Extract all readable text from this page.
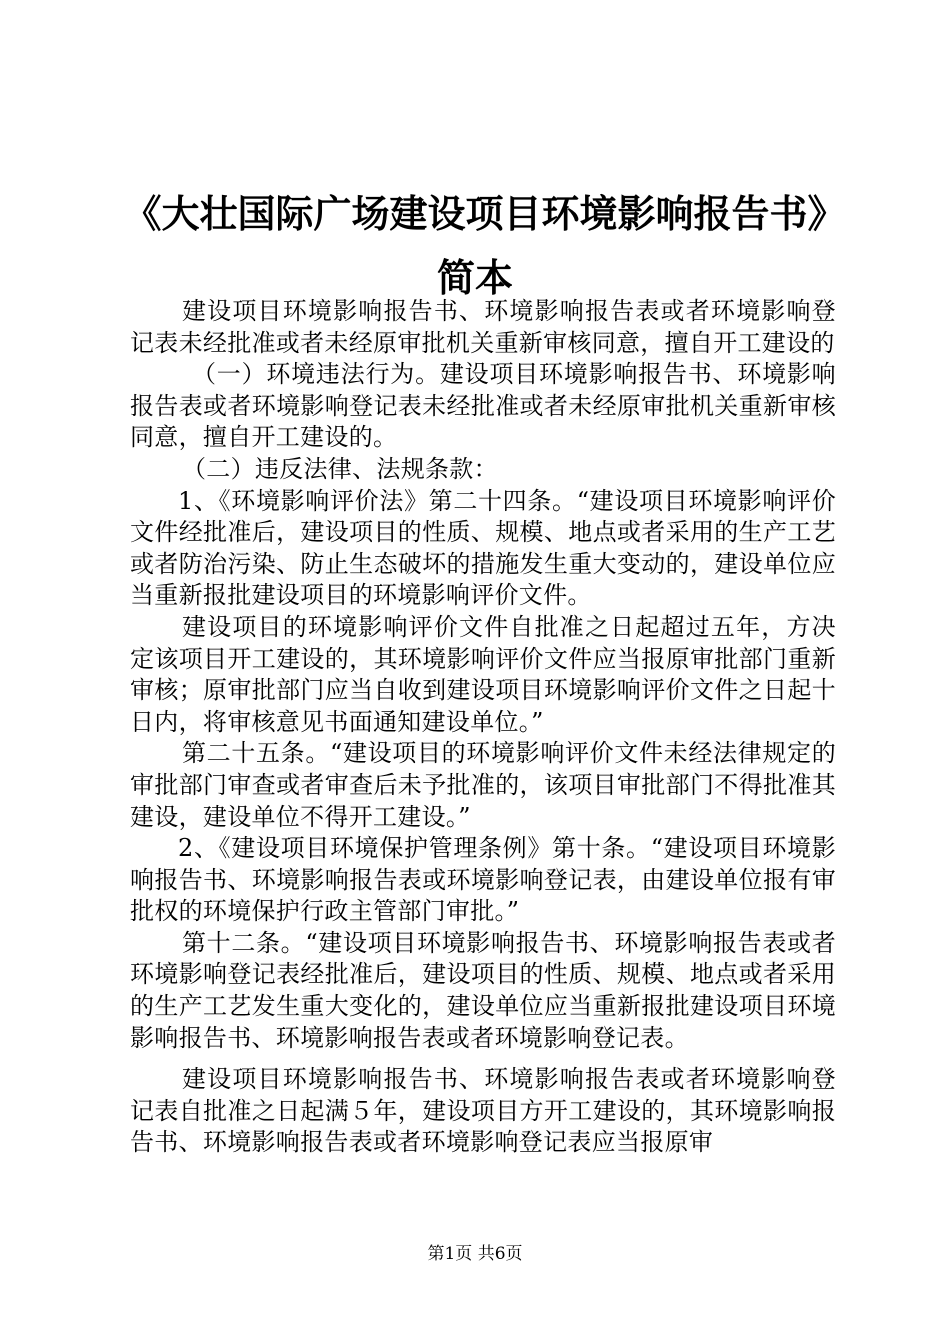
《大壮国际广场建设项目环境影响报告书》简本

建设项目环境影响报告书、环境影响报告表或者环境影响登记表未经批准或者未经原审批机关重新审核同意，擅自开工建设的

（一）环境违法行为。建设项目环境影响报告书、环境影响报告表或者环境影响登记表未经批准或者未经原审批机关重新审核同意，擅自开工建设的。

（二）违反法律、法规条款：

1、《环境影响评价法》第二十四条。“建设项目环境影响评价文件经批准后，建设项目的性质、规模、地点或者采用的生产工艺或者防治污染、防止生态破坏的措施发生重大变动的，建设单位应当重新报批建设项目的环境影响评价文件。

建设项目的环境影响评价文件自批准之日起超过五年，方决定该项目开工建设的，其环境影响评价文件应当报原审批部门重新审核；原审批部门应当自收到建设项目环境影响评价文件之日起十日内，将审核意见书面通知建设单位。”

第二十五条。“建设项目的环境影响评价文件未经法律规定的审批部门审查或者审查后未予批准的，该项目审批部门不得批准其建设，建设单位不得开工建设。”

2、《建设项目环境保护管理条例》第十条。“建设项目环境影响报告书、环境影响报告表或环境影响登记表，由建设单位报有审批权的环境保护行政主管部门审批。”

第十二条。“建设项目环境影响报告书、环境影响报告表或者环境影响登记表经批准后，建设项目的性质、规模、地点或者采用的生产工艺发生重大变化的，建设单位应当重新报批建设项目环境影响报告书、环境影响报告表或者环境影响登记表。

建设项目环境影响报告书、环境影响报告表或者环境影响登记表自批准之日起满５年，建设项目方开工建设的，其环境影响报告书、环境影响报告表或者环境影响登记表应当报原审

第1页 共6页
